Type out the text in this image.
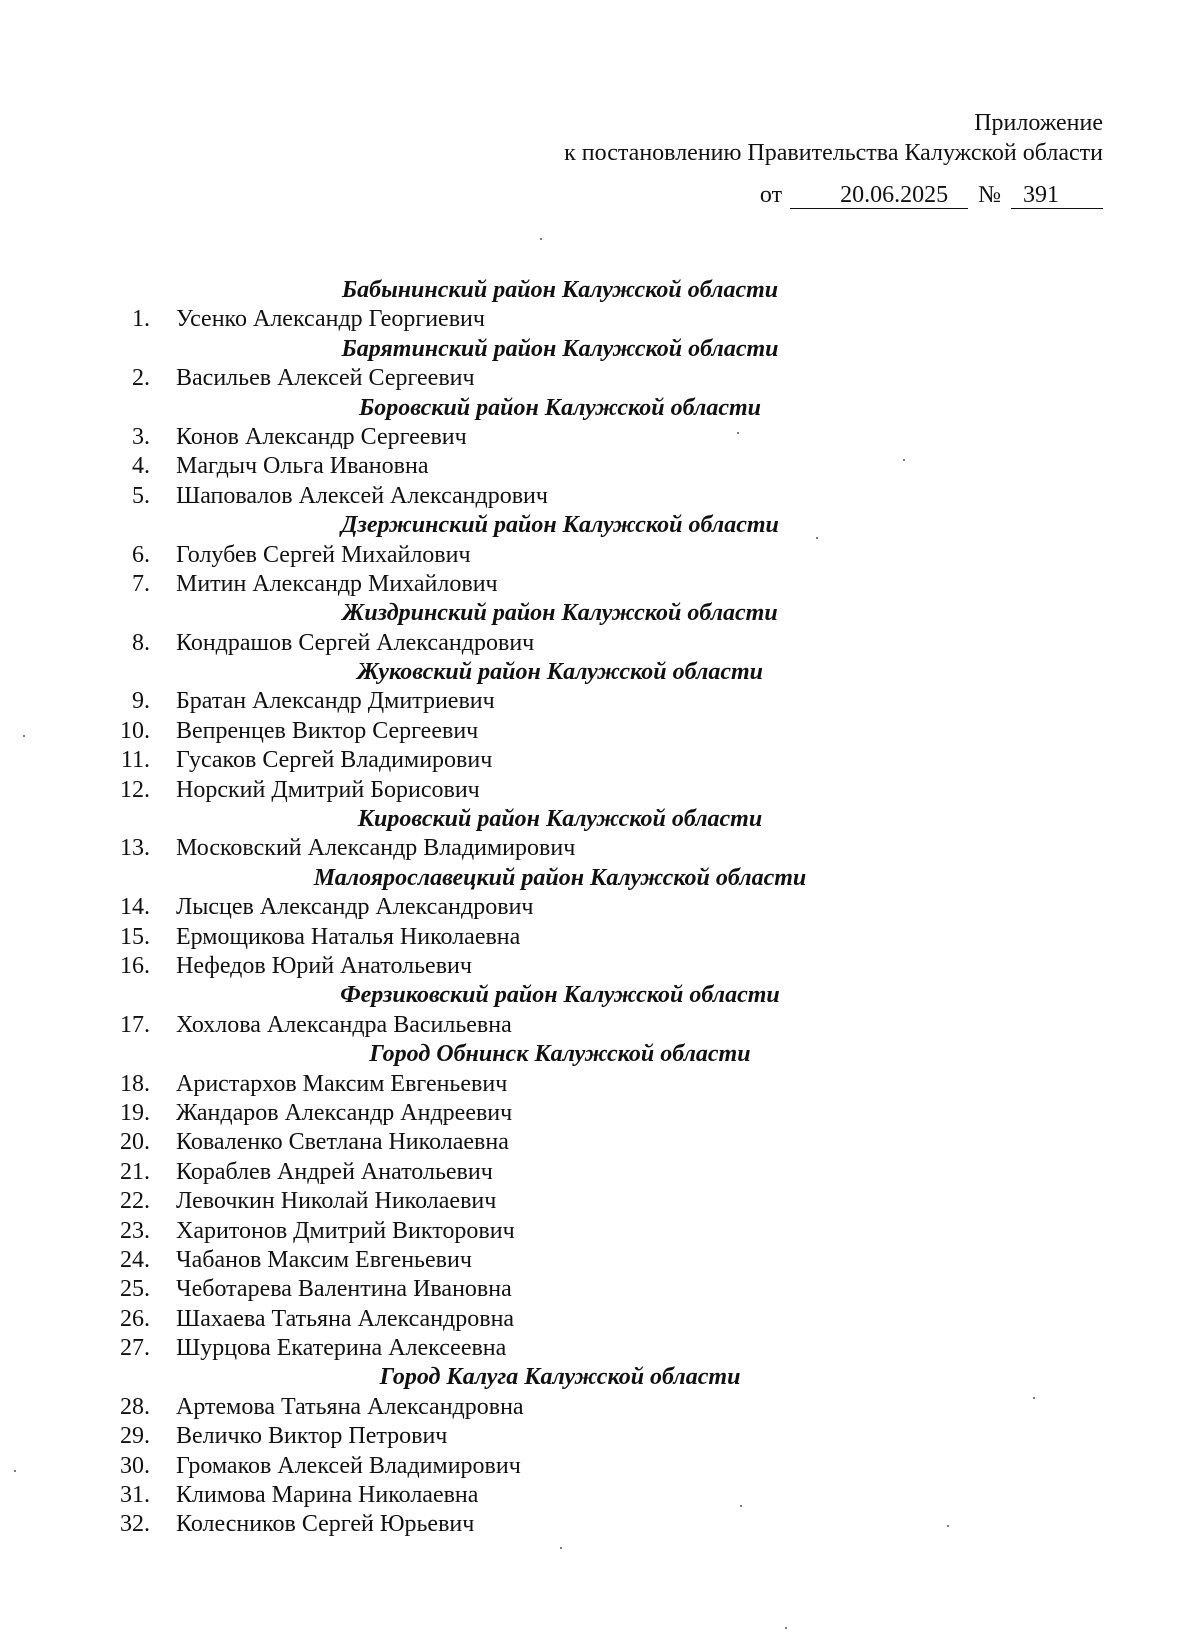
Приложение
к постановлению Правительства Калужской области
от	20.06.2025	№ 391
Бабынинский район Калужской области
1. Усенко Александр Георгиевич
Барятинский район Калужской области
2. Васильев Алексей Сергеевич
Боровский район Калужской области
3. Конов Александр Сергеевич
4. Магдыч Ольга Ивановна
5. Шаповалов Алексей Александрович
Дзержинский район Калужской области
6. Голубев Сергей Михайлович
7. Митин Александр Михайлович
Жиздринский район Калужской области
8. Кондрашов Сергей Александрович
Жуковский район Калужской области
9. Братан Александр Дмитриевич
10. Вепренцев Виктор Сергеевич
11. Гусаков Сергей Владимирович
12. Норский Дмитрий Борисович
Кировский район Калужской области
13. Московский Александр Владимирович
Малоярославецкий район Калужской области
14. Лысцев Александр Александрович
15. Ермощикова Наталья Николаевна
16. Нефедов Юрий Анатольевич
Ферзиковский район Калужской области
17. Хохлова Александра Васильевна
Город Обнинск Калужской области
18. Аристархов Максим Евгеньевич
19. Жандаров Александр Андреевич
20. Коваленко Светлана Николаевна
21. Кораблев Андрей Анатольевич
22. Левочкин Николай Николаевич
23. Харитонов Дмитрий Викторович
24. Чабанов Максим Евгеньевич
25. Чеботарева Валентина Ивановна
26. Шахаева Татьяна Александровна
27. Шурцова Екатерина Алексеевна
Город Калуга Калужской области
28. Артемова Татьяна Александровна
29. Величко Виктор Петрович
30. Громаков Алексей Владимирович
31. Климова Марина Николаевна
32. Колесников Сергей Юрьевич
